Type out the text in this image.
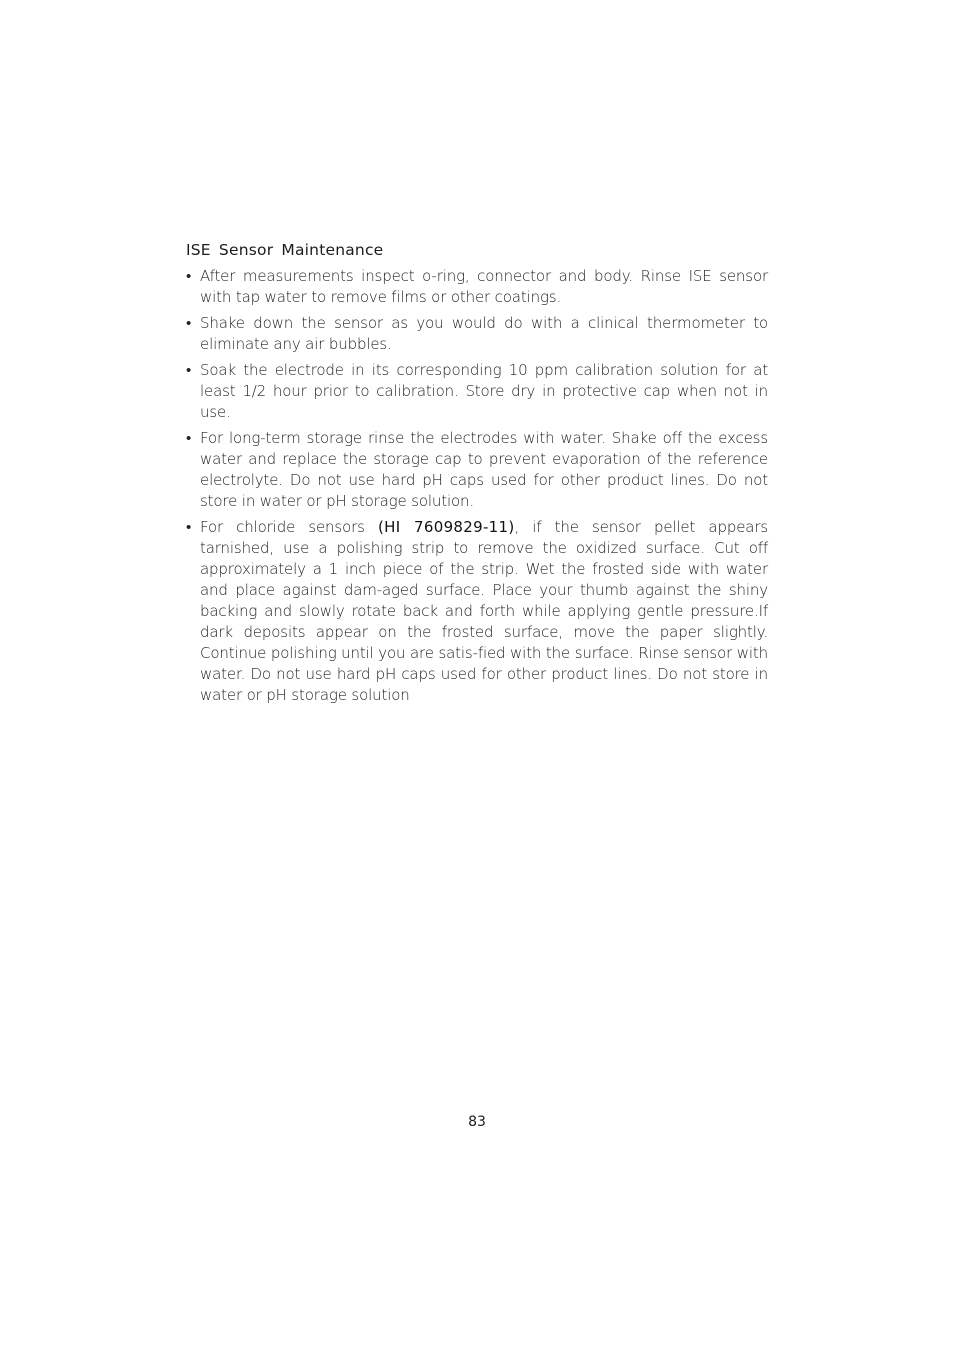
ISE Sensor Maintenance
• After measurements inspect o-ring, connector and body. Rinse ISE sensor with tap water to remove films or other coatings.
• Shake down the sensor as you would do with a clinical thermometer to eliminate any air bubbles.
• Soak the electrode in its corresponding 10 ppm calibration solution for at least 1/2 hour prior to calibration. Store dry in protective cap when not in use.
• For long-term storage rinse the electrodes with water. Shake off the excess water and replace the storage cap to prevent evaporation of the reference electrolyte. Do not use hard pH caps used for other product lines. Do not store in water or pH storage solution.
• For chloride sensors (HI 7609829-11), if the sensor pellet appears tarnished, use a polishing strip to remove the oxidized surface. Cut off approximately a 1 inch piece of the strip. Wet the frosted side with water and place against dam-aged surface. Place your thumb against the shiny backing and slowly rotate back and forth while applying gentle pressure.If dark deposits appear on the frosted surface, move the paper slightly. Continue polishing until you are satis-fied with the surface. Rinse sensor with water. Do not use hard pH caps used for other product lines. Do not store in water or pH storage solution
83
